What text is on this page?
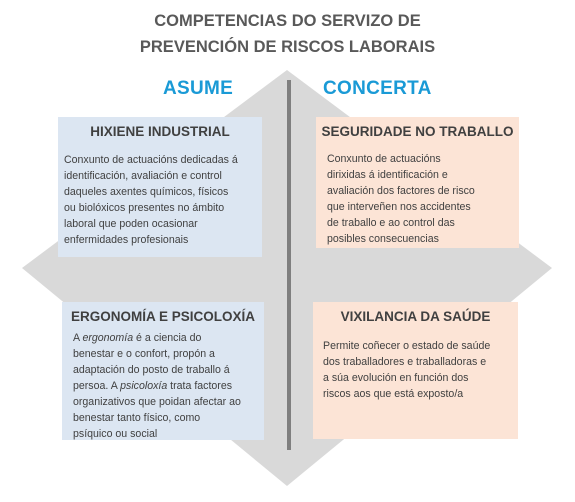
COMPETENCIAS DO SERVIZO DE
PREVENCIÓN DE RISCOS LABORAIS
ASUME	CONCERTA
HIXIENE INDUSTRIAL
Conxunto de actuacións dedicadas á
identificación, avaliación e control
daqueles axentes químicos, físicos
ou biolóxicos presentes no ámbito
laboral que poden ocasionar
enfermidades profesionais
SEGURIDADE NO TRABALLO
Conxunto de actuacións
dirixidas á identificación e
avaliación dos factores de risco
que interveñen nos accidentes
de traballo e ao control das
posibles consecuencias
ERGONOMÍA E PSICOLOXÍA
A ergonomía é a ciencia do
benestar e o confort, propón a
adaptación do posto de traballo á
persoa. A psicoloxía trata factores
organizativos que poidan afectar ao
benestar tanto físico, como
psíquico ou social
VIXILANCIA DA SAÚDE
Permite coñecer o estado de saúde
dos traballadores e traballadoras e
a súa evolución en función dos
riscos aos que está exposto/a
